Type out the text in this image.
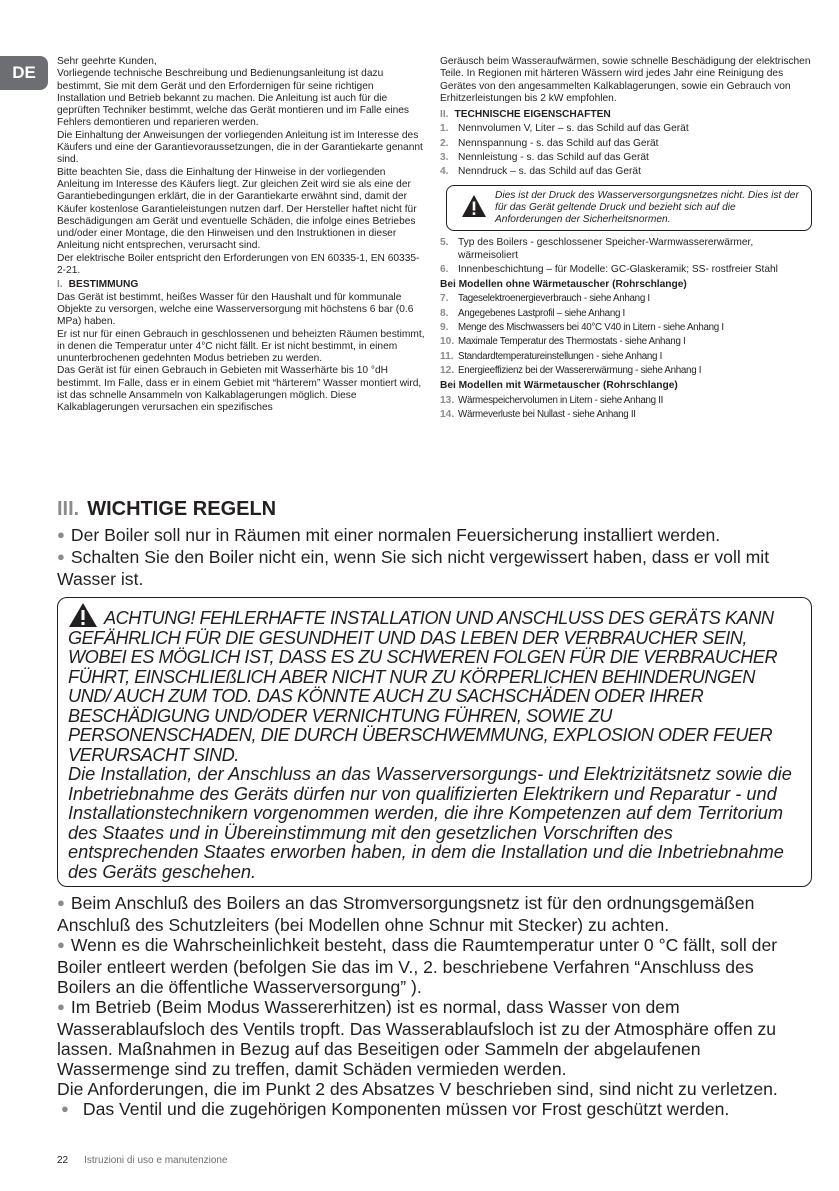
DE

Sehr geehrte Kunden,

Vorliegende technische Beschreibung und Bedienungsanleitung ist dazu bestimmt, Sie mit dem Gerät und den Erfordernigen für seine richtigen Installation und Betrieb bekannt zu machen. Die Anleitung ist auch für die geprüften Techniker bestimmt, welche das Gerät montieren und im Falle eines Fehlers demontieren und reparieren werden.

Die Einhaltung der Anweisungen der vorliegenden Anleitung ist im Interesse des Käufers und eine der Garantievoraussetzungen, die in der Garantiekarte genannt sind.

Bitte beachten Sie, dass die Einhaltung der Hinweise in der vorliegenden Anleitung im Interesse des Käufers liegt. Zur gleichen Zeit wird sie als eine der Garantiebedingungen erklärt, die in der Garantiekarte erwähnt sind, damit der Käufer kostenlose Garantieleistungen nutzen darf. Der Hersteller haftet nicht für Beschädigungen am Gerät und eventuelle Schäden, die infolge eines Betriebes und/oder einer Montage, die den Hinweisen und den Instruktionen in dieser Anleitung nicht entsprechen, verursacht sind.

Der elektrische Boiler entspricht den Erforderungen von EN 60335-1, EN 60335-2-21.

I. BESTIMMUNG

Das Gerät ist bestimmt, heißes Wasser für den Haushalt und für kommunale Objekte zu versorgen, welche eine Wasserversorgung mit höchstens 6 bar (0.6 MPa) haben.

Er ist nur für einen Gebrauch in geschlossenen und beheizten Räumen bestimmt, in denen die Temperatur unter 4°C nicht fällt. Er ist nicht bestimmt, in einem ununterbrochenen gedehnten Modus betrieben zu werden.

Das Gerät ist für einen Gebrauch in Gebieten mit Wasserhärte bis 10 °dH bestimmt. Im Falle, dass er in einem Gebiet mit “härterem” Wasser montiert wird, ist das schnelle Ansammeln von Kalkablagerungen möglich. Diese Kalkablagerungen verursachen ein spezifisches

Geräusch beim Wasseraufwärmen, sowie schnelle Beschädigung der elektrischen Teile. In Regionen mit härteren Wässern wird jedes Jahr eine Reinigung des Gerätes von den angesammelten Kalkablagerungen, sowie ein Gebrauch von Erhitzerleistungen bis 2 kW empfohlen.

II. TECHNISCHE EIGENSCHAFTEN
1. Nennvolumen V, Liter – s. das Schild auf das Gerät
2. Nennspannung - s. das Schild auf das Gerät
3. Nennleistung - s. das Schild auf das Gerät
4. Nenndruck – s. das Schild auf das Gerät
Dies ist der Druck des Wasserversorgungsnetzes nicht. Dies ist der für das Gerät geltende Druck und bezieht sich auf die Anforderungen der Sicherheitsnormen.
5. Typ des Boilers - geschlossener Speicher-Warmwassererwärmer, wärmeisoliert
6. Innenbeschichtung – für Modelle: GC-Glaskeramik; SS- rostfreier Stahl
Bei Modellen ohne Wärmetauscher (Rohrschlange)
7. Tageselektroenergieverbrauch - siehe Anhang I
8. Angegebenes Lastprofil – siehe Anhang I
9. Menge des Mischwassers bei 40°C V40 in Litern - siehe Anhang I
10. Maximale Temperatur des Thermostats - siehe Anhang I
11. Standardtemperatureinstellungen - siehe Anhang I
12. Energieeffizienz bei der Wassererwärmung - siehe Anhang I
Bei Modellen mit Wärmetauscher (Rohrschlange)
13. Wärmespeichervolumen in Litern - siehe Anhang II
14. Wärmeverluste bei Nullast - siehe Anhang II
III. WICHTIGE REGELN

● Der Boiler soll nur in Räumen mit einer normalen Feuersicherung installiert werden.

● Schalten Sie den Boiler nicht ein, wenn Sie sich nicht vergewissert haben, dass er voll mit Wasser ist.

ACHTUNG! FEHLERHAFTE INSTALLATION UND ANSCHLUSS DES GERÄTS KANN GEFÄHRLICH FÜR DIE GESUNDHEIT UND DAS LEBEN DER VERBRAUCHER SEIN, WOBEI ES MÖGLICH IST, DASS ES ZU SCHWEREN FOLGEN FÜR DIE VERBRAUCHER FÜHRT, EINSCHLIEßLICH ABER NICHT NUR ZU KÖRPERLICHEN BEHINDERUNGEN UND/ AUCH ZUM TOD. DAS KÖNNTE AUCH ZU SACHSCHÄDEN ODER IHRER BESCHÄDIGUNG UND/ODER VERNICHTUNG FÜHREN, SOWIE ZU PERSONENSCHADEN, DIE DURCH ÜBERSCHWEMMUNG, EXPLOSION ODER FEUER VERURSACHT SIND.
Die Installation, der Anschluss an das Wasserversorgungs- und Elektrizitätsnetz sowie die Inbetriebnahme des Geräts dürfen nur von qualifizierten Elektrikern und Reparatur - und Installationstechnikern vorgenommen werden, die ihre Kompetenzen auf dem Territorium des Staates und in Übereinstimmung mit den gesetzlichen Vorschriften des entsprechenden Staates erworben haben, in dem die Installation und die Inbetriebnahme des Geräts geschehen.

● Beim Anschluß des Boilers an das Stromversorgungsnetz ist für den ordnungsgemäßen Anschluß des Schutzleiters (bei Modellen ohne Schnur mit Stecker) zu achten.

● Wenn es die Wahrscheinlichkeit besteht, dass die Raumtemperatur unter 0 °C fällt, soll der Boiler entleert werden (befolgen Sie das im V., 2. beschriebene Verfahren “Anschluss des Boilers an die öffentliche Wasserversorgung” ).

● Im Betrieb (Beim Modus Wassererhitzen) ist es normal, dass Wasser von dem Wasserablaufsloch des Ventils tropft. Das Wasserablaufsloch ist zu der Atmosphäre offen zu lassen. Maßnahmen in Bezug auf das Beseitigen oder Sammeln der abgelaufenen Wassermenge sind zu treffen, damit Schäden vermieden werden.

Die Anforderungen, die im Punkt 2 des Absatzes V beschrieben sind, sind nicht zu verletzen.

● Das Ventil und die zugehörigen Komponenten müssen vor Frost geschützt werden.

22 Istruzioni di uso e manutenzione
